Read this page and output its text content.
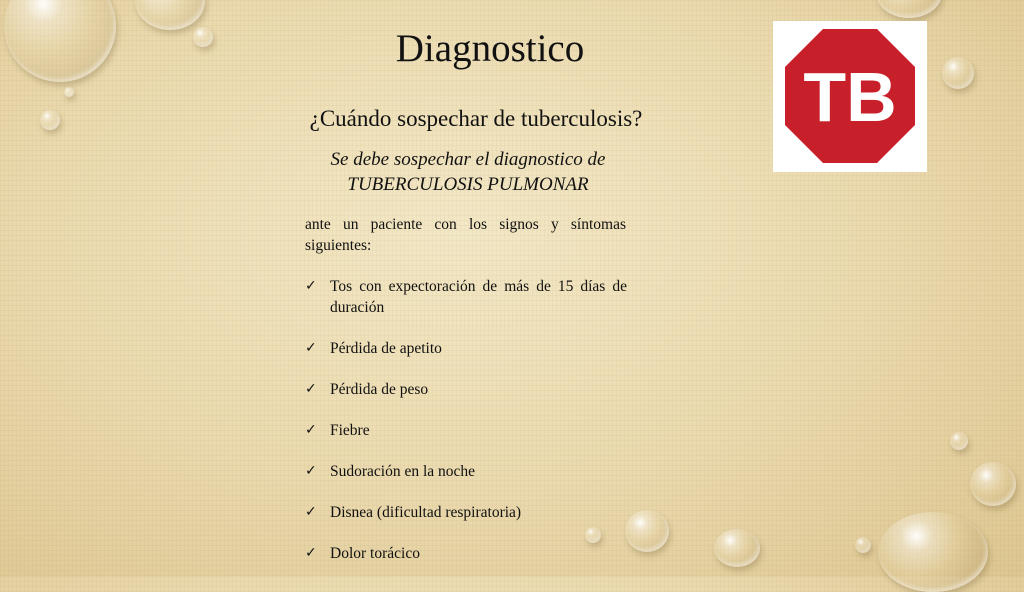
Diagnostico
¿Cuándo sospechar de tuberculosis?
Se debe sospechar el diagnostico de
TUBERCULOSIS PULMONAR
ante un paciente con los signos y síntomas siguientes:
✓ Tos con expectoración de más de 15 días de duración
✓ Pérdida de apetito
✓ Pérdida de peso
✓ Fiebre
✓ Sudoración en la noche
✓ Disnea (dificultad respiratoria)
✓ Dolor torácico
TB
